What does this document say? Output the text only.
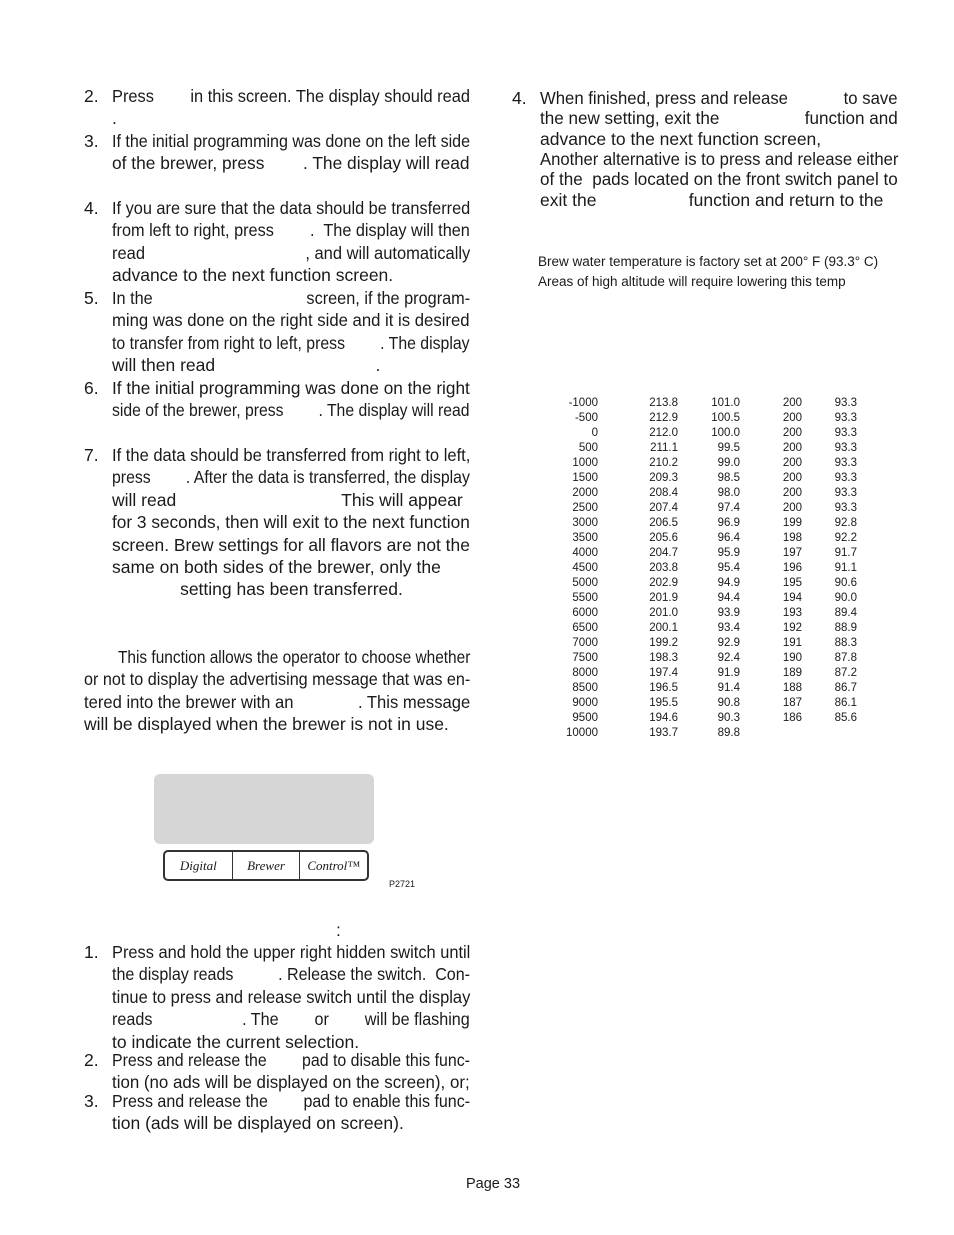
2. Press        in this screen. The display should read
.
3. If the initial programming was done on the left side
of the brewer, press        . The display will read
4. If you are sure that the data should be transferred
from left to right, press        .  The display will then
read                                   , and will automatically
advance to the next function screen.
5. In the                                  screen, if the program-
ming was done on the right side and it is desired
to transfer from right to left, press        . The display
will then read                                 .
6. If the initial programming was done on the right
side of the brewer, press        . The display will read
7. If the data should be transferred from right to left,
press        . After the data is transferred, the display
will read                                  This will appear
for 3 seconds, then will exit to the next function
screen. Brew settings for all flavors are not the
same on both sides of the brewer, only the
setting has been transferred.
This function allows the operator to choose whether
or not to display the advertising message that was en-
tered into the brewer with an              . This message
will be displayed when the brewer is not in use.
:
1. Press and hold the upper right hidden switch until
the display reads          . Release the switch.  Con-
tinue to press and release switch until the display
reads                    . The        or        will be flashing
to indicate the current selection.
2. Press and release the        pad to disable this func-
tion (no ads will be displayed on the screen), or;
3. Press and release the        pad to enable this func-
tion (ads will be displayed on screen).
Digital Brewer Control™
P2721
4. When finished, press and release            to save
the new setting, exit the                  function and
advance to the next function screen,
Another alternative is to press and release either
of the  pads located on the front switch panel to
exit the                   function and return to the
Brew water temperature is factory set at 200° F (93.3° C)
Areas of high altitude will require lowering this temp
-1000	213.8	101.0	200	93.3
-500	212.9	100.5	200	93.3
0	212.0	100.0	200	93.3
500	211.1	99.5	200	93.3
1000	210.2	99.0	200	93.3
1500	209.3	98.5	200	93.3
2000	208.4	98.0	200	93.3
2500	207.4	97.4	200	93.3
3000	206.5	96.9	199	92.8
3500	205.6	96.4	198	92.2
4000	204.7	95.9	197	91.7
4500	203.8	95.4	196	91.1
5000	202.9	94.9	195	90.6
5500	201.9	94.4	194	90.0
6000	201.0	93.9	193	89.4
6500	200.1	93.4	192	88.9
7000	199.2	92.9	191	88.3
7500	198.3	92.4	190	87.8
8000	197.4	91.9	189	87.2
8500	196.5	91.4	188	86.7
9000	195.5	90.8	187	86.1
9500	194.6	90.3	186	85.6
10000	193.7	89.8		
Page 33
